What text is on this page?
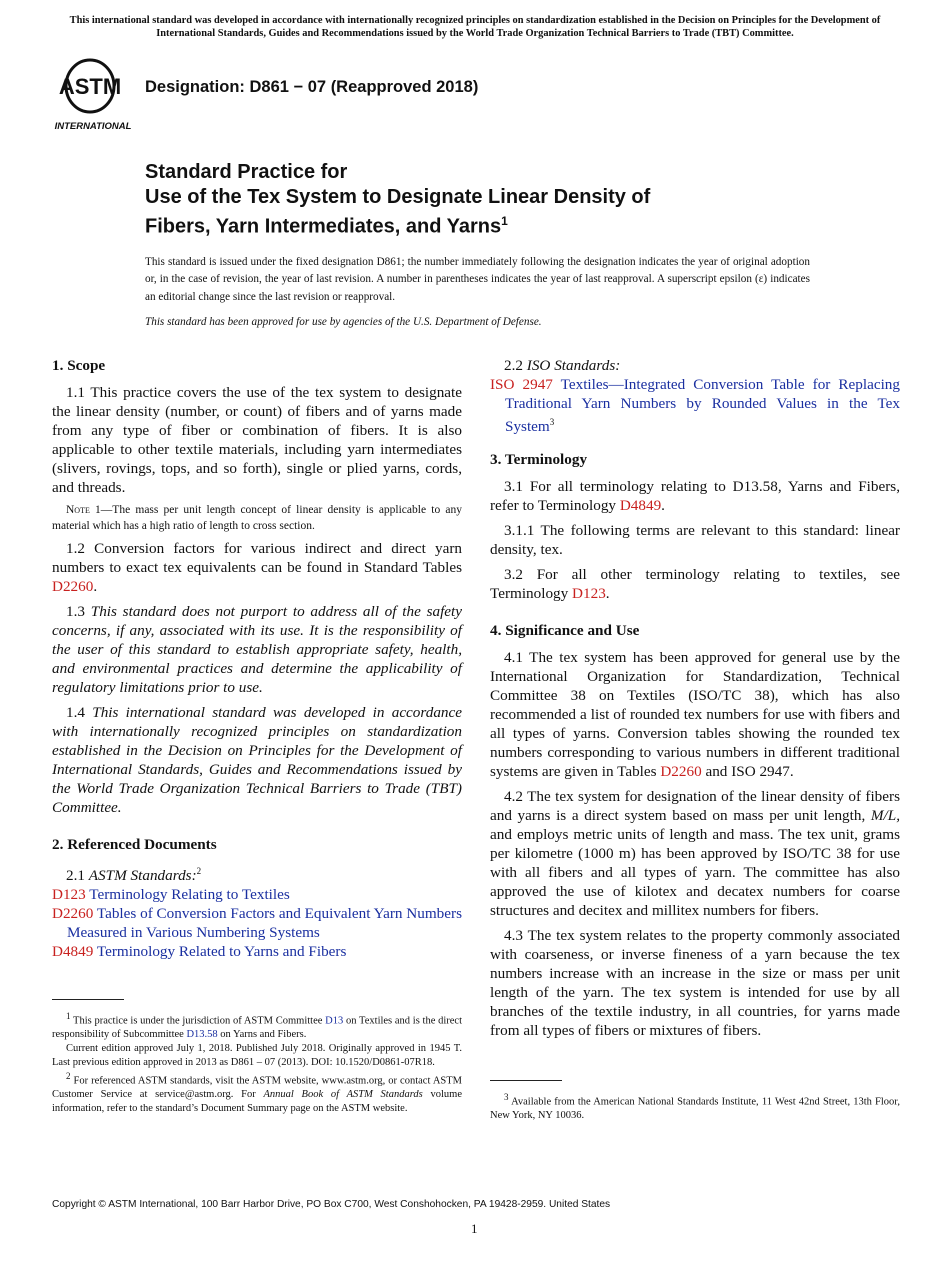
This international standard was developed in accordance with internationally recognized principles on standardization established in the Decision on Principles for the Development of International Standards, Guides and Recommendations issued by the World Trade Organization Technical Barriers to Trade (TBT) Committee.
ASTM
INTERNATIONAL
Designation: D861 − 07 (Reapproved 2018)
Standard Practice for
Use of the Tex System to Designate Linear Density of
Fibers, Yarn Intermediates, and Yarns$^1$
This standard is issued under the fixed designation D861; the number immediately following the designation indicates the year of original adoption or, in the case of revision, the year of last revision. A number in parentheses indicates the year of last reapproval. A superscript epsilon (ε) indicates an editorial change since the last revision or reapproval.
This standard has been approved for use by agencies of the U.S. Department of Defense.
1. Scope

1.1 This practice covers the use of the tex system to designate the linear density (number, or count) of fibers and of yarns made from any type of fiber or combination of fibers. It is also applicable to other textile materials, including yarn intermediates (slivers, rovings, tops, and so forth), single or plied yarns, cords, and threads.

Note 1—The mass per unit length concept of linear density is applicable to any material which has a high ratio of length to cross section.

1.2 Conversion factors for various indirect and direct yarn numbers to exact tex equivalents can be found in Standard Tables D2260.

1.3 This standard does not purport to address all of the safety concerns, if any, associated with its use. It is the responsibility of the user of this standard to establish appropriate safety, health, and environmental practices and determine the applicability of regulatory limitations prior to use.

1.4 This international standard was developed in accordance with internationally recognized principles on standardization established in the Decision on Principles for the Development of International Standards, Guides and Recommendations issued by the World Trade Organization Technical Barriers to Trade (TBT) Committee.

2. Referenced Documents
2.1 ASTM Standards:$^2$
D123 Terminology Relating to Textiles
D2260 Tables of Conversion Factors and Equivalent Yarn Numbers Measured in Various Numbering Systems
D4849 Terminology Related to Yarns and Fibers
$^1$ This practice is under the jurisdiction of ASTM Committee D13 on Textiles and is the direct responsibility of Subcommittee D13.58 on Yarns and Fibers.
Current edition approved July 1, 2018. Published July 2018. Originally approved in 1945 T. Last previous edition approved in 2013 as D861 – 07 (2013). DOI: 10.1520/D0861-07R18.
$^2$ For referenced ASTM standards, visit the ASTM website, www.astm.org, or contact ASTM Customer Service at service@astm.org. For Annual Book of ASTM Standards volume information, refer to the standard’s Document Summary page on the ASTM website.
2.2 ISO Standards:
ISO 2947 Textiles—Integrated Conversion Table for Replacing Traditional Yarn Numbers by Rounded Values in the Tex System$^3$
3. Terminology

3.1 For all terminology relating to D13.58, Yarns and Fibers, refer to Terminology D4849.

3.1.1 The following terms are relevant to this standard: linear density, tex.

3.2 For all other terminology relating to textiles, see Terminology D123.

4. Significance and Use

4.1 The tex system has been approved for general use by the International Organization for Standardization, Technical Committee 38 on Textiles (ISO/TC 38), which has also recommended a list of rounded tex numbers for use with fibers and all types of yarns. Conversion tables showing the rounded tex numbers corresponding to various numbers in different traditional systems are given in Tables D2260 and ISO 2947.

4.2 The tex system for designation of the linear density of fibers and yarns is a direct system based on mass per unit length, M/L, and employs metric units of length and mass. The tex unit, grams per kilometre (1000 m) has been approved by ISO/TC 38 for use with all fibers and all types of yarn. The committee has also approved the use of kilotex and decatex numbers for coarse structures and decitex and millitex numbers for fibers.

4.3 The tex system relates to the property commonly associated with coarseness, or inverse fineness of a yarn because the tex numbers increase with an increase in the size or mass per unit length of the yarn. The tex system is intended for use by all branches of the textile industry, in all countries, for yarns made from all types of fibers or mixtures of fibers.

$^3$ Available from the American National Standards Institute, 11 West 42nd Street, 13th Floor, New York, NY 10036.
Copyright © ASTM International, 100 Barr Harbor Drive, PO Box C700, West Conshohocken, PA 19428-2959. United States
1
